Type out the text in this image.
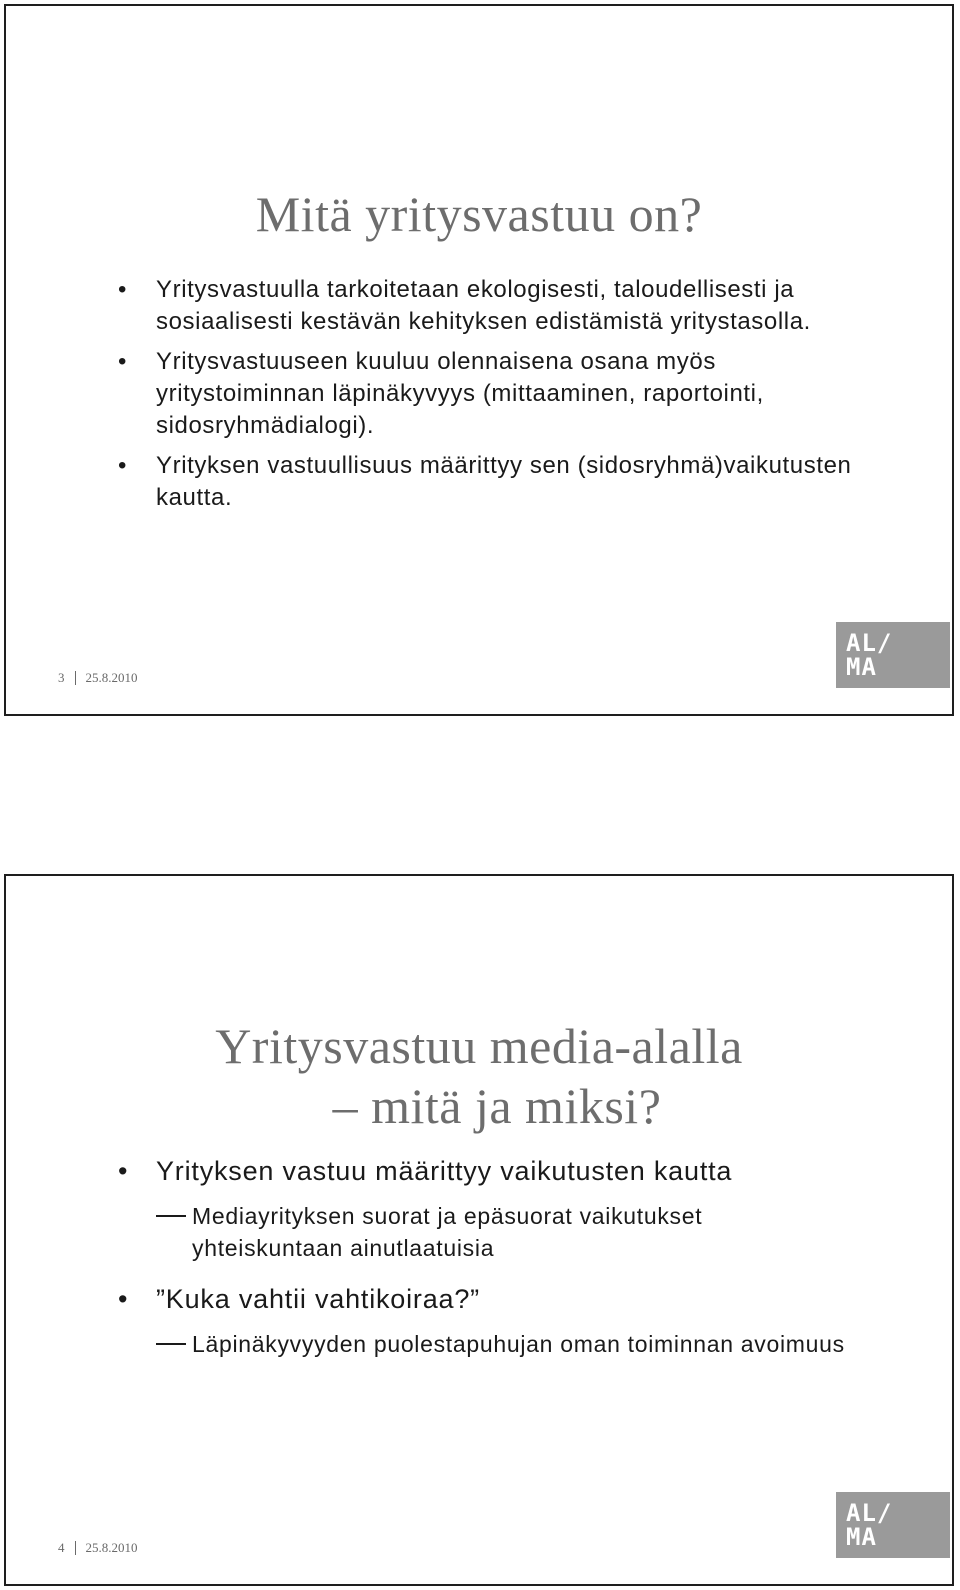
Mitä yritysvastuu on?
• Yritysvastuulla tarkoitetaan ekologisesti, taloudellisesti ja sosiaalisesti kestävän kehityksen edistämistä yritystasolla.
• Yritysvastuuseen kuuluu olennaisena osana myös yritystoiminnan läpinäkyvyys (mittaaminen, raportointi, sidosryhmädialogi).
• Yrityksen vastuullisuus määrittyy sen (sidosryhmä)vaikutusten kautta.
3 25.8.2010
AL/
MA
Yritysvastuu media-alalla
– mitä ja miksi?
• Yrityksen vastuu määrittyy vaikutusten kautta
Mediayrityksen suorat ja epäsuorat vaikutukset yhteiskuntaan ainutlaatuisia
• ”Kuka vahtii vahtikoiraa?”
Läpinäkyvyyden puolestapuhujan oman toiminnan avoimuus
4 25.8.2010
AL/
MA
